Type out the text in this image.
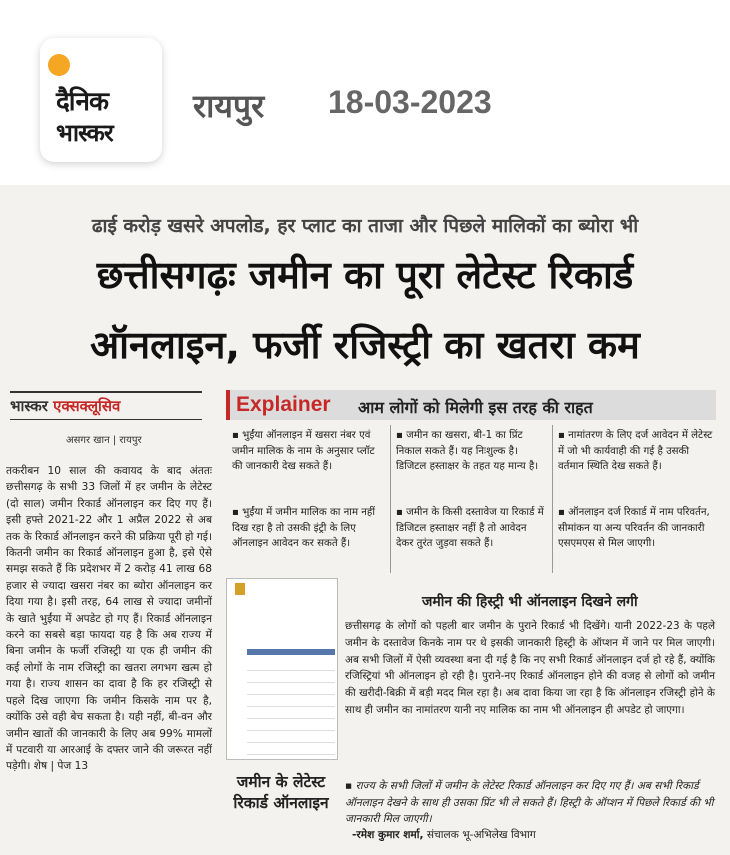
दैनिक
भास्कर
रायपुर 18-03-2023
ढाई करोड़ खसरे अपलोड, हर प्लाट का ताजा और पिछले मालिकों का ब्योरा भी
छत्तीसगढ़ः जमीन का पूरा लेटेस्ट रिकार्ड
ऑनलाइन, फर्जी रजिस्ट्री का खतरा कम
भास्कर एक्सक्लूसिव
असगर खान | रायपुर
तकरीबन 10 साल की कवायद के बाद अंततः छत्तीसगढ़ के सभी 33 जिलों में हर जमीन के लेटेस्ट (दो साल) जमीन रिकार्ड ऑनलाइन कर दिए गए हैं। इसी हफ्ते 2021-22 और 1 अप्रैल 2022 से अब तक के रिकार्ड ऑनलाइन करने की प्रक्रिया पूरी हो गई। कितनी जमीन का रिकार्ड ऑनलाइन हुआ है, इसे ऐसे समझ सकते हैं कि प्रदेशभर में 2 करोड़ 41 लाख 68 हजार से ज्यादा खसरा नंबर का ब्योरा ऑनलाइन कर दिया गया है। इसी तरह, 64 लाख से ज्यादा जमीनों के खाते भुईंया में अपडेट हो गए हैं। रिकार्ड ऑनलाइन करने का सबसे बड़ा फायदा यह है कि अब राज्य में बिना जमीन के फर्जी रजिस्ट्री या एक ही जमीन की कई लोगों के नाम रजिस्ट्री का खतरा लगभग खत्म हो गया है। राज्य शासन का दावा है कि हर रजिस्ट्री से पहले दिख जाएगा कि जमीन किसके नाम पर है, क्योंकि उसे वही बेच सकता है। यही नहीं, बी-वन और जमीन खातों की जानकारी के लिए अब 99% मामलों में पटवारी या आरआई के दफ्तर जाने की जरूरत नहीं पड़ेगी। शेष | पेज 13
Explainer आम लोगों को मिलेगी इस तरह की राहत
▪ भुईंया ऑनलाइन में खसरा नंबर एवं जमीन मालिक के नाम के अनुसार प्लॉट की जानकारी देख सकते हैं।
▪ भुईंया में जमीन मालिक का नाम नहीं दिख रहा है तो उसकी इंट्री के लिए ऑनलाइन आवेदन कर सकते हैं।
▪ जमीन का खसरा, बी-1 का प्रिंट निकाल सकते हैं। यह निःशुल्क है। डिजिटल हस्ताक्षर के तहत यह मान्य है।
▪ जमीन के किसी दस्तावेज या रिकार्ड में डिजिटल हस्ताक्षर नहीं है तो आवेदन देकर तुरंत जुड़वा सकते हैं।
▪ नामांतरण के लिए दर्ज आवेदन में लेटेस्ट में जो भी कार्यवाही की गई है उसकी वर्तमान स्थिति देख सकते हैं।
▪ ऑनलाइन दर्ज रिकार्ड में नाम परिवर्तन, सीमांकन या अन्य परिवर्तन की जानकारी एसएमएस से मिल जाएगी।
जमीन की हिस्ट्री भी ऑनलाइन दिखने लगी
छत्तीसगढ़ के लोगों को पहली बार जमीन के पुराने रिकार्ड भी दिखेंगे। यानी 2022-23 के पहले जमीन के दस्तावेज किनके नाम पर थे इसकी जानकारी हिस्ट्री के ऑप्शन में जाने पर मिल जाएगी। अब सभी जिलों में ऐसी व्यवस्था बना दी गई है कि नए सभी रिकार्ड ऑनलाइन दर्ज हो रहे हैं, क्योंकि रजिस्ट्रियां भी ऑनलाइन हो रही है। पुराने-नए रिकार्ड ऑनलाइन होने की वजह से लोगों को जमीन की खरीदी-बिक्री में बड़ी मदद मिल रहा है। अब दावा किया जा रहा है कि ऑनलाइन रजिस्ट्री होने के साथ ही जमीन का नामांतरण यानी नए मालिक का नाम भी ऑनलाइन ही अपडेट हो जाएगा।
जमीन के लेटेस्ट रिकार्ड ऑनलाइन
▪ राज्य के सभी जिलों में जमीन के लेटेस्ट रिकार्ड ऑनलाइन कर दिए गए हैं। अब सभी रिकार्ड ऑनलाइन देखने के साथ ही उसका प्रिंट भी ले सकते हैं। हिस्ट्री के ऑप्शन में पिछले रिकार्ड की भी जानकारी मिल जाएगी।
-रमेश कुमार शर्मा, संचालक भू-अभिलेख विभाग
